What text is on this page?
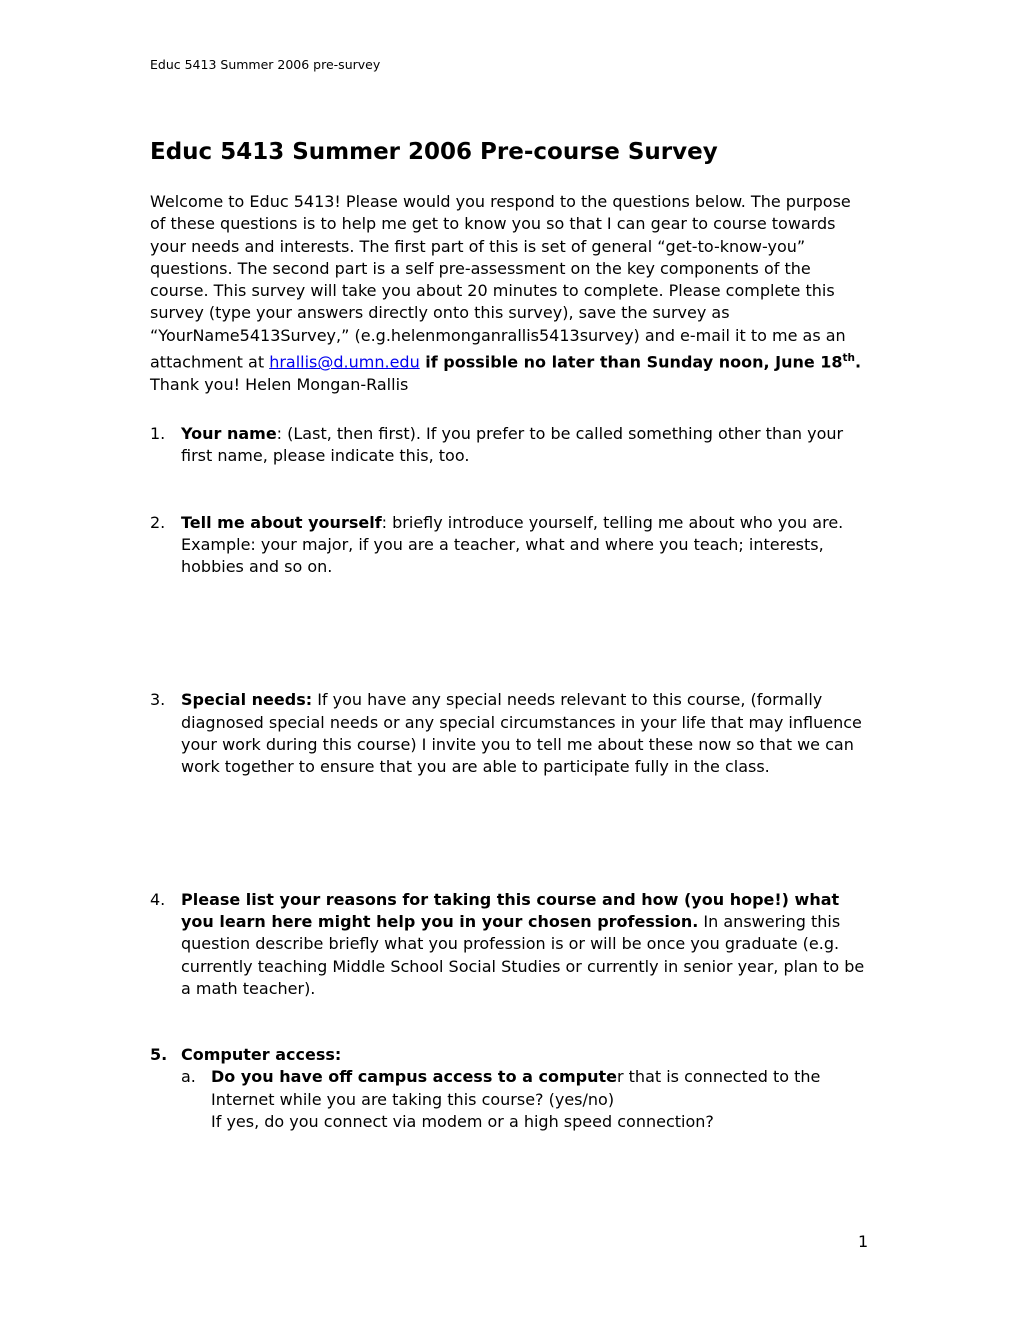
Educ 5413 Summer 2006 pre-survey
Educ 5413 Summer 2006 Pre-course Survey
Welcome to Educ 5413! Please would you respond to the questions below. The purpose of these questions is to help me get to know you so that I can gear to course towards your needs and interests. The first part of this is set of general “get-to-know-you” questions. The second part is a self pre-assessment on the key components of the course. This survey will take you about 20 minutes to complete. Please complete this survey (type your answers directly onto this survey), save the survey as “YourName5413Survey,” (e.g.helenmonganrallis5413survey) and e-mail it to me as an attachment at hrallis@d.umn.edu if possible no later than Sunday noon, June 18th. Thank you! Helen Mongan-Rallis
1. Your name: (Last, then first). If you prefer to be called something other than your first name, please indicate this, too.
2. Tell me about yourself: briefly introduce yourself, telling me about who you are. Example: your major, if you are a teacher, what and where you teach; interests, hobbies and so on.
3. Special needs: If you have any special needs relevant to this course, (formally diagnosed special needs or any special circumstances in your life that may influence your work during this course) I invite you to tell me about these now so that we can work together to ensure that you are able to participate fully in the class.
4. Please list your reasons for taking this course and how (you hope!) what you learn here might help you in your chosen profession. In answering this question describe briefly what you profession is or will be once you graduate (e.g. currently teaching Middle School Social Studies or currently in senior year, plan to be a math teacher).
5. Computer access:
a. Do you have off campus access to a computer that is connected to the Internet while you are taking this course? (yes/no)
If yes, do you connect via modem or a high speed connection?
1
